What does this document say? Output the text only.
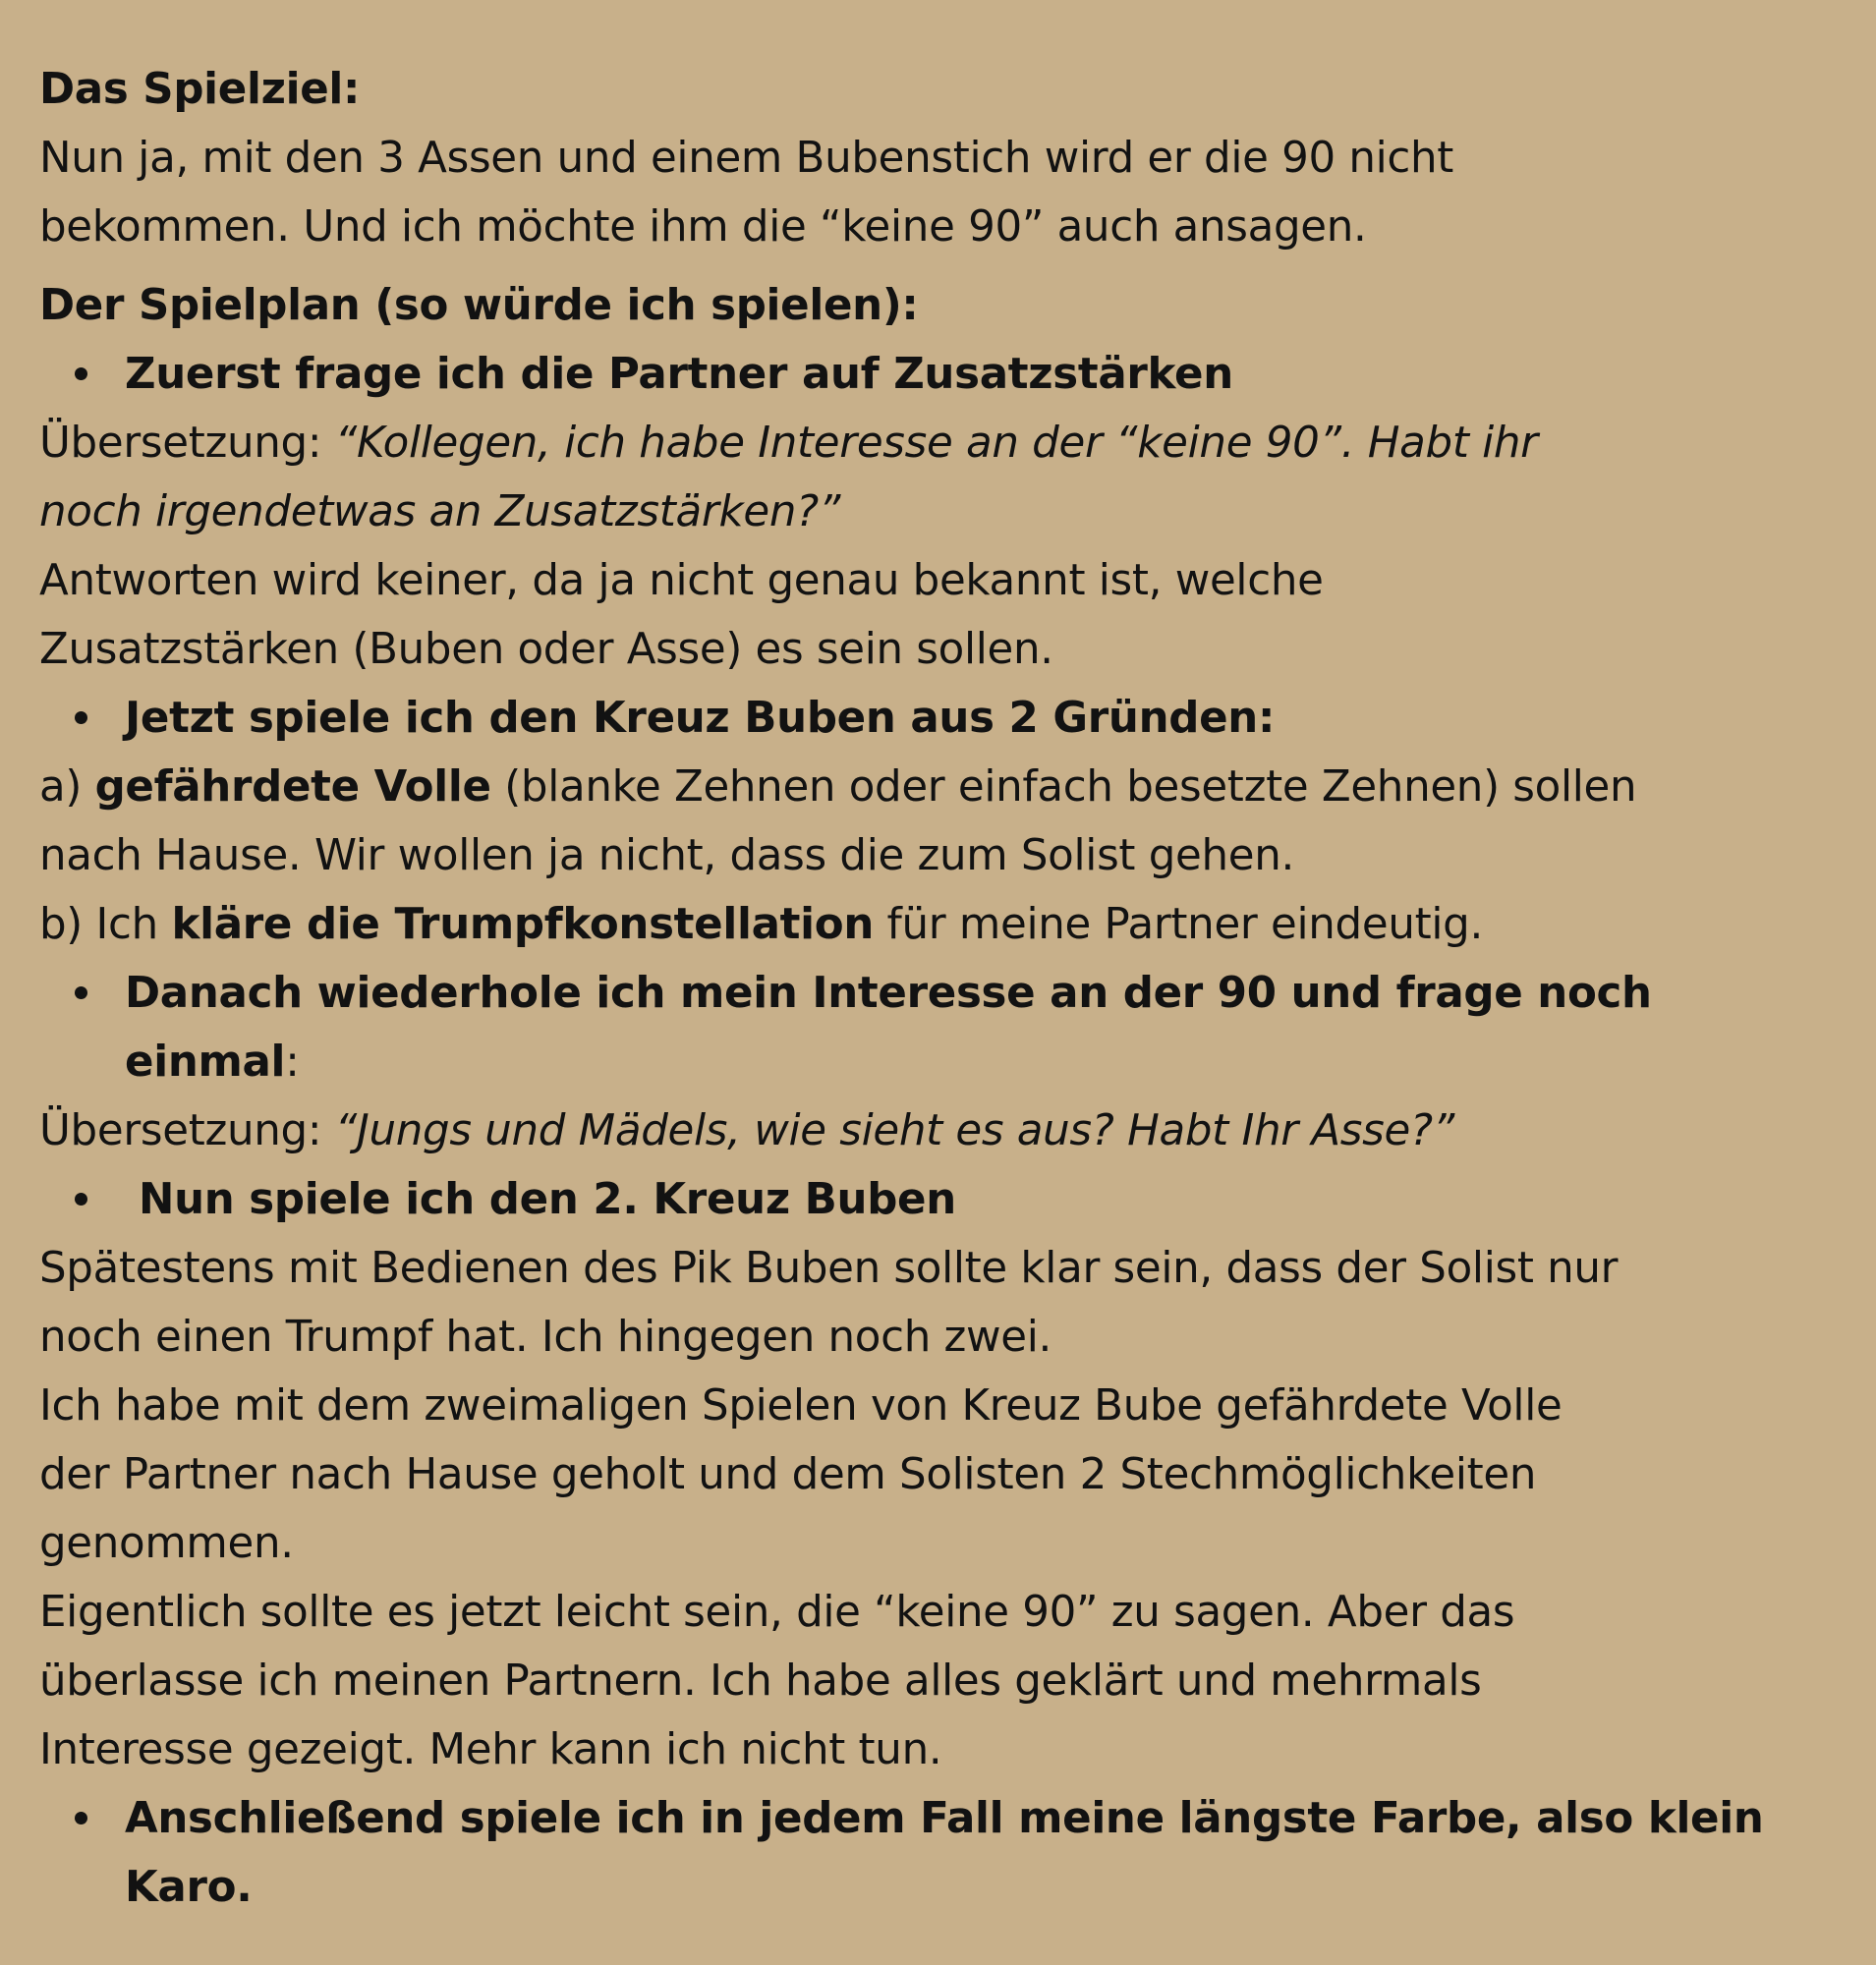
Das Spielziel:
Nun ja, mit den 3 Assen und einem Bubenstich wird er die 90 nicht
bekommen. Und ich möchte ihm die “keine 90” auch ansagen.
Der Spielplan (so würde ich spielen):
Zuerst frage ich die Partner auf Zusatzstärken
Übersetzung: “Kollegen, ich habe Interesse an der “keine 90”. Habt ihr
noch irgendetwas an Zusatzstärken?”
Antworten wird keiner, da ja nicht genau bekannt ist, welche
Zusatzstärken (Buben oder Asse) es sein sollen.
Jetzt spiele ich den Kreuz Buben aus 2 Gründen:
a) gefährdete Volle (blanke Zehnen oder einfach besetzte Zehnen) sollen
nach Hause. Wir wollen ja nicht, dass die zum Solist gehen.
b) Ich kläre die Trumpfkonstellation für meine Partner eindeutig.
Danach wiederhole ich mein Interesse an der 90 und frage noch
einmal:
Übersetzung: “Jungs und Mädels, wie sieht es aus? Habt Ihr Asse?”
Nun spiele ich den 2. Kreuz Buben
Spätestens mit Bedienen des Pik Buben sollte klar sein, dass der Solist nur
noch einen Trumpf hat. Ich hingegen noch zwei.
Ich habe mit dem zweimaligen Spielen von Kreuz Bube gefährdete Volle
der Partner nach Hause geholt und dem Solisten 2 Stechmöglichkeiten
genommen.
Eigentlich sollte es jetzt leicht sein, die “keine 90” zu sagen. Aber das
überlasse ich meinen Partnern. Ich habe alles geklärt und mehrmals
Interesse gezeigt. Mehr kann ich nicht tun.
Anschließend spiele ich in jedem Fall meine längste Farbe, also klein
Karo.
